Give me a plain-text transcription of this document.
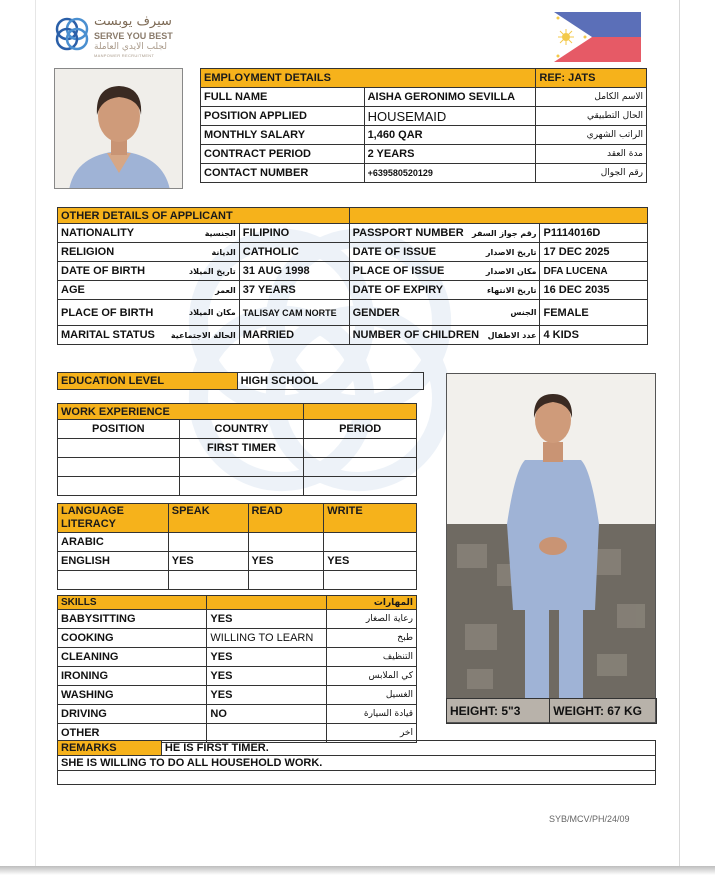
سيرف يوبست
SERVE YOU BEST
لجلب الايدي العاملة
MANPOWER RECRUITMENT
EMPLOYMENT DETAILS		REF: JATS
FULL NAME	AISHA GERONIMO SEVILLA	الاسم الكامل
POSITION APPLIED	HOUSEMAID	الحال التطبيقي
MONTHLY SALARY	1,460 QAR	الراتب الشهري
CONTRACT PERIOD	2 YEARS	مدة العقد
CONTACT NUMBER	+639580520129	رقم الجوال
OTHER DETAILS OF APPLICANT			

NATIONALITY الجنسية	FILIPINO	PASSPORT NUMBER رقم جواز السفر	P1114016D

RELIGION الديانة	CATHOLIC	DATE OF ISSUE تاريخ الاصدار	17 DEC 2025

DATE OF BIRTH تاريخ الميلاد	31 AUG 1998	PLACE OF ISSUE مكان الاصدار	DFA LUCENA

AGE العمر	37 YEARS	DATE OF EXPIRY تاريخ الانتهاء	16 DEC 2035

PLACE OF BIRTH مكان الميلاد	TALISAY CAM NORTE	GENDER الجنس	FEMALE

MARITAL STATUS الحالة الاجتماعية	MARRIED	NUMBER OF CHILDREN عدد الاطفال	4 KIDS
EDUCATION LEVEL	HIGH SCHOOL
WORK EXPERIENCE		
POSITION	COUNTRY	PERIOD
	FIRST TIMER	

LANGUAGE LITERACY	SPEAK	READ	WRITE
ARABIC			
ENGLISH	YES	YES	YES

SKILLS		المهارات
BABYSITTING	YES	رعاية الصغار
COOKING	WILLING TO LEARN	طبخ
CLEANING	YES	التنظيف
IRONING	YES	كي الملابس
WASHING	YES	الغسيل
DRIVING	NO	قيادة السيارة
OTHER		اخر
HEIGHT: 5"3	WEIGHT: 67 KG
REMARKS	HE IS FIRST TIMER.
SHE IS WILLING TO DO ALL HOUSEHOLD WORK.

SYB/MCV/PH/24/09
